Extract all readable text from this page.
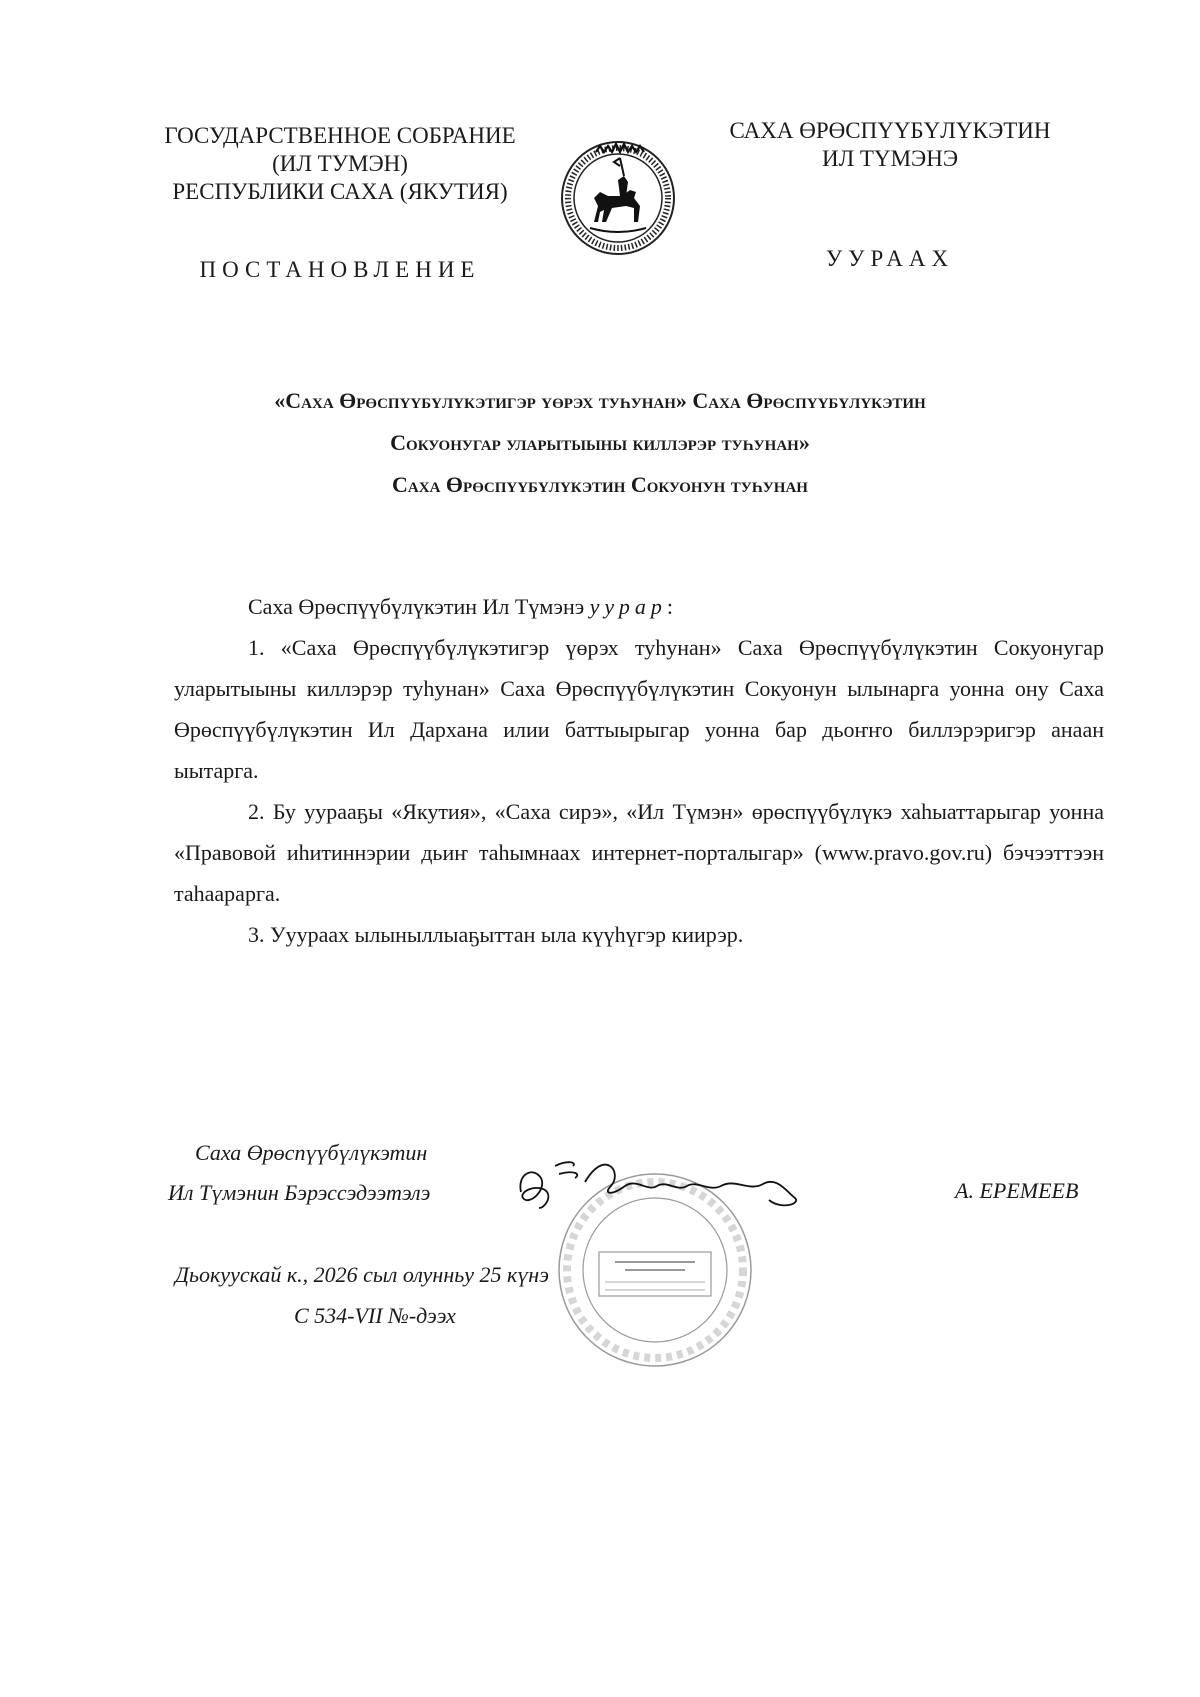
ГОСУДАРСТВЕННОЕ СОБРАНИЕ
(ИЛ ТУМЭН)
РЕСПУБЛИКИ САХА (ЯКУТИЯ)
САХА ӨРӨСПҮҮБҮЛҮКЭТИН
ИЛ ТҮМЭНЭ
ПОСТАНОВЛЕНИЕ	УУРААХ
«Саха Өрөспүүбүлүкэтигэр үөрэх туһунан» Саха Өрөспүүбүлүкэтин
Сокуонугар уларытыыны киллэрэр туһунан»
Саха Өрөспүүбүлүкэтин Сокуонун туһунан
Саха Өрөспүүбүлүкэтин Ил Түмэнэ уурар:

1. «Саха Өрөспүүбүлүкэтигэр үөрэх туһунан» Саха Өрөспүүбүлүкэтин Сокуонугар уларытыыны киллэрэр туһунан» Саха Өрөспүүбүлүкэтин Сокуонун ылынарга уонна ону Саха Өрөспүүбүлүкэтин Ил Дархана илии баттыырыгар уонна бар дьоҥҥо биллэрэригэр анаан ыытарга.

2. Бу уурааҕы «Якутия», «Саха сирэ», «Ил Түмэн» өрөспүүбүлүкэ хаһыаттарыгар уонна «Правовой иһитиннэрии дьиҥ таһымнаах интернет-порталыгар» (www.pravo.gov.ru) бэчээттээн таһаарарга.

3. Ууураах ылыныллыаҕыттан ыла күүһүгэр киирэр.

Саха Өрөспүүбүлүкэтин
Ил Түмэнин Бэрэссэдээтэлэ	А. ЕРЕМЕЕВ
Дьокуускай к., 2026 сыл олунньу 25 күнэ
С 534-VII №-дээх
